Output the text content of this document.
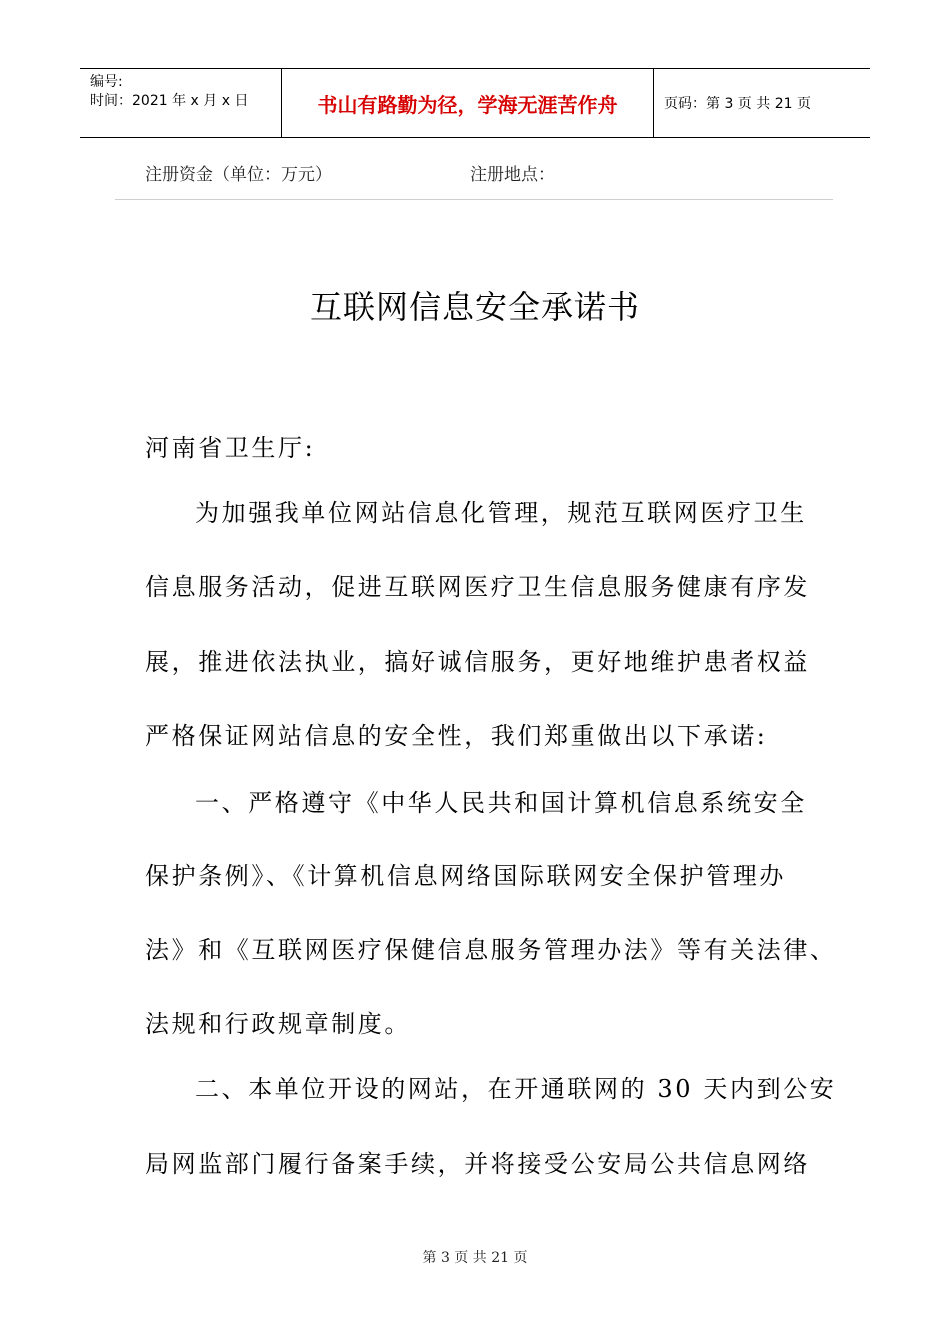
编号:
时间：2021 年 x 月 x 日	书山有路勤为径，学海无涯苦作舟	页码：第 3 页 共 21 页
注册资金（单位：万元）	注册地点：
互联网信息安全承诺书
河南省卫生厅:
为加强我单位网站信息化管理，规范互联网医疗卫生
信息服务活动，促进互联网医疗卫生信息服务健康有序发
展，推进依法执业，搞好诚信服务，更好地维护患者权益
严格保证网站信息的安全性，我们郑重做出以下承诺:
一、严格遵守《中华人民共和国计算机信息系统安全
保护条例》、《计算机信息网络国际联网安全保护管理办
法》和《互联网医疗保健信息服务管理办法》等有关法律、
法规和行政规章制度。
二、本单位开设的网站，在开通联网的 30 天内到公安
局网监部门履行备案手续，并将接受公安局公共信息网络
第 3 页 共 21 页
